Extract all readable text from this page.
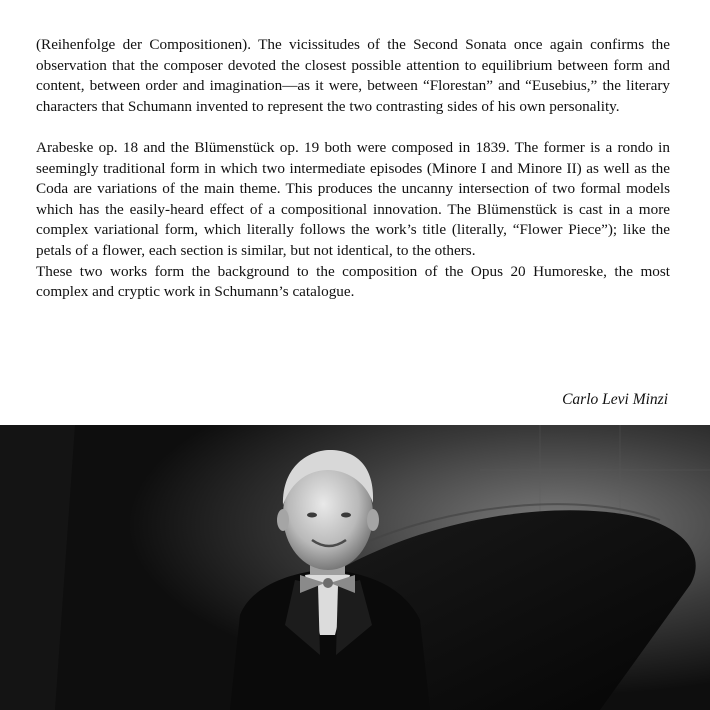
(Reihenfolge der Compositionen). The vicissitudes of the Second Sonata once again confirms the observation that the composer devoted the closest possible attention to equilibrium between form and content, between order and imagination—as it were, between “Florestan” and “Eusebius,” the literary characters that Schumann invented to represent the two contrasting sides of his own personality.

Arabeske op. 18 and the Blümenstück op. 19 both were composed in 1839. The former is a rondo in seemingly traditional form in which two intermediate episodes (Minore I and Minore II) as well as the Coda are variations of the main theme. This produces the uncanny intersection of two formal models which has the easily-heard effect of a compositional innovation. The Blümenstück is cast in a more complex variational form, which literally follows the work’s title (literally, “Flower Piece”); like the petals of a flower, each section is similar, but not identical, to the others.

These two works form the background to the composition of the Opus 20 Humoreske, the most complex and cryptic work in Schumann’s catalogue.

Carlo Levi Minzi
